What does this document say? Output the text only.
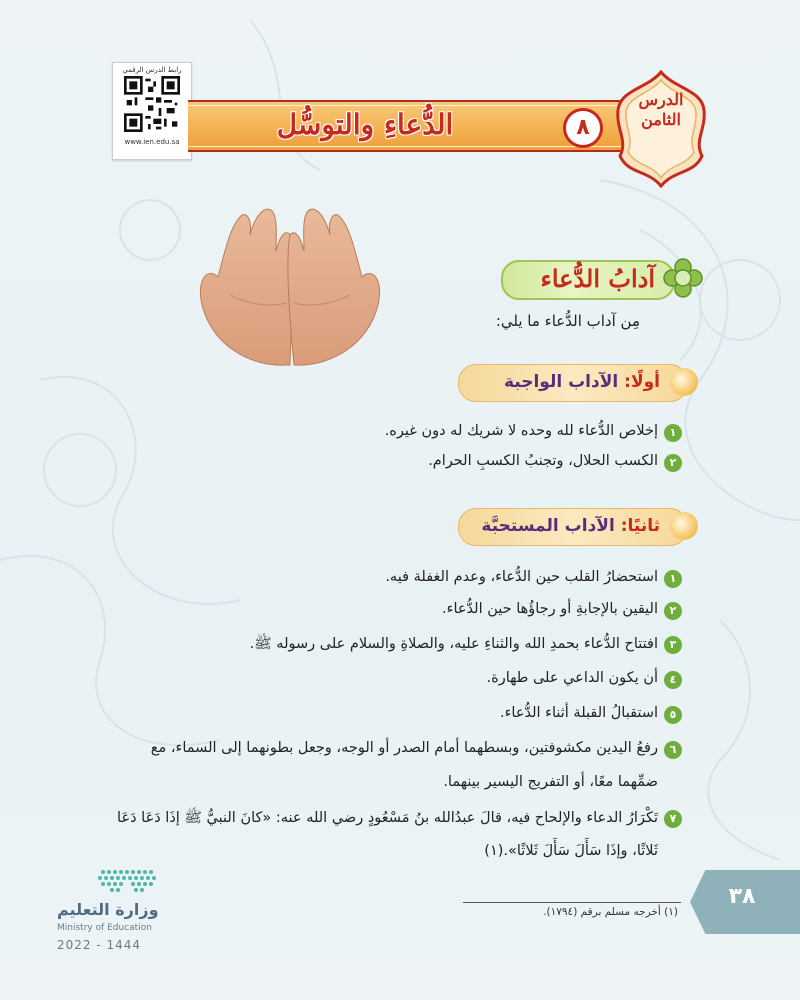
رابط الدرس الرقمي
www.ien.edu.sa
الدُّعاءِ والتوسُّل	٨
الدرس
الثامن
آدابُ الدُّعاء
مِن آداب الدُّعاء ما يلي:
أولًا: الآداب الواجبة
١
إخلاص الدُّعاء لله وحده لا شريك له دون غيره.
٢
الكسب الحلال، وتجنبُ الكسبِ الحرام.
ثانيًا: الآداب المستحبَّة
١
استحضارُ القلب حين الدُّعاء، وعدم الغفلة فيه.
٢
اليقين بالإجابةِ أو رجاؤُها حين الدُّعاء.
٣
افتتاح الدُّعاء بحمدِ الله والثناءِ عليه، والصلاةِ والسلام على رسوله ﷺ.
٤
أن يكون الداعي على طهارة.
٥
استقبالُ القبلة أثناء الدُّعاء.
٦
رفعُ اليدين مكشوفتين، وبسطهما أمام الصدر أو الوجه، وجعل بطونهما إلى السماء، مع
ضمِّهما معًا، أو التفريج اليسير بينهما.
٧
تَكْرَارُ الدعاء والإلحاح فيه، قالَ عبدُالله بنُ مَسْعُودٍ رضي الله عنه: «كانَ النبيُّ ﷺ إذَا دَعَا دَعَا
ثَلاثًا، وإذَا سَأَلَ سَأَلَ ثَلاثًا».(١)
(١) أخرجه مسلم برقم (١٧٩٤).
٣٨
وزارة التعليم
Ministry of Education
2022 - 1444
